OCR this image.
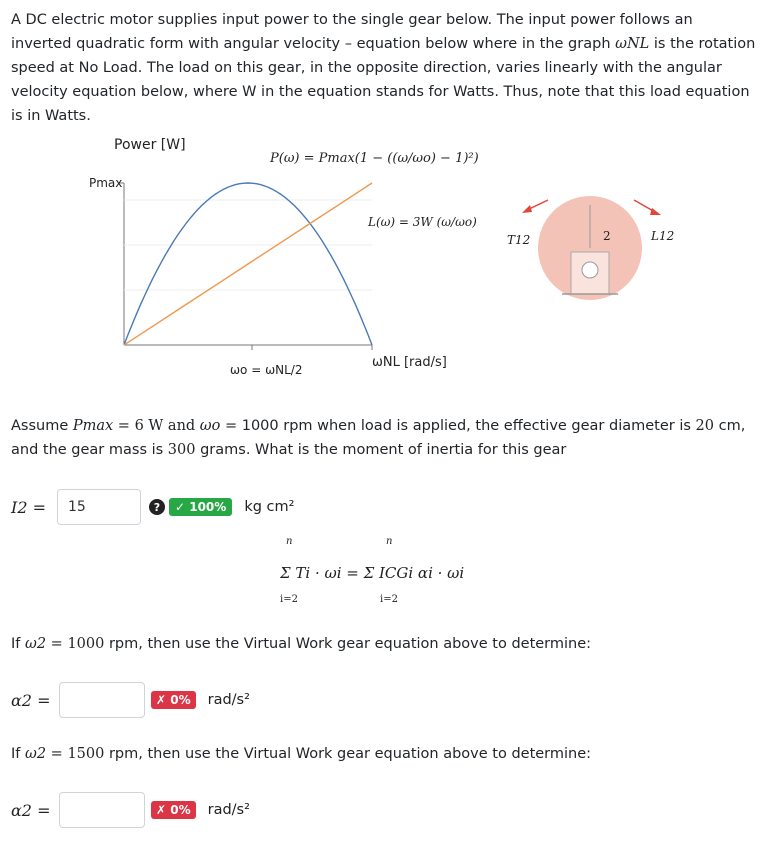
A DC electric motor supplies input power to the single gear below. The input power follows an inverted quadratic form with angular velocity – equation below where in the graph ωNL is the rotation speed at No Load. The load on this gear, in the opposite direction, varies linearly with the angular velocity equation below, where W in the equation stands for Watts. Thus, note that this load equation is in Watts.
Power [W]
Pmax
P(ω) = Pmax(1 − ((ω/ωo) − 1)²)
L(ω) = 3W (ω/ωo)
ωo = ωNL/2	ωNL [rad/s]
2
T12	L12
Assume Pmax = 6 W and ωo = 1000 rpm when load is applied, the effective gear diameter is 20 cm, and the gear mass is 300 grams. What is the moment of inertia for this gear
I2 =	15	?	✓ 100%	kg cm²
n
i=2
n
i=2
Σ Ti · ωi = Σ ICGi αi · ωi
If ω2 = 1000 rpm, then use the Virtual Work gear equation above to determine:
α2 =	✗ 0%	rad/s²
If ω2 = 1500 rpm, then use the Virtual Work gear equation above to determine:
α2 =	✗ 0%	rad/s²
